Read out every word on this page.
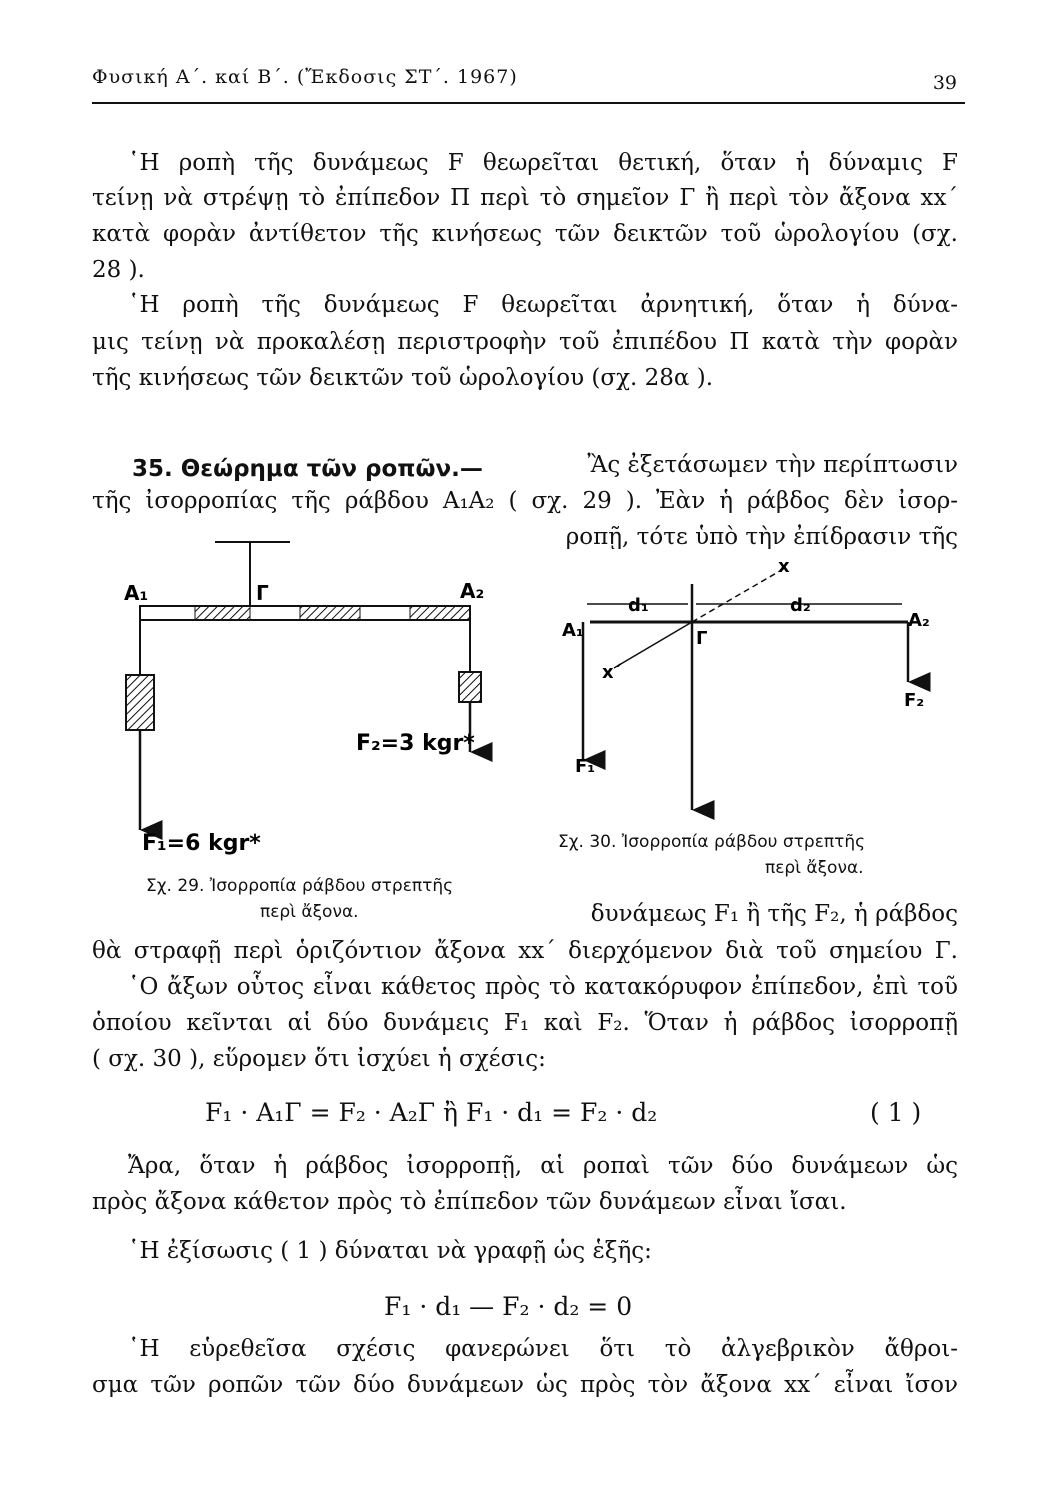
Φυσική Α΄. καί Β΄. (Ἔκδοσις ΣΤ΄. 1967)	39
῾Η ροπὴ τῆς δυνάμεως F θεωρεῖται θετική, ὅταν ἡ δύναμις F
τείνῃ νὰ στρέψῃ τὸ ἐπίπεδον Π περὶ τὸ σημεῖον Γ ἢ περὶ τὸν ἄξονα xx΄
κατὰ φορὰν ἀντίθετον τῆς κινήσεως τῶν δεικτῶν τοῦ ὡρολογίου (σχ.
28 ).
῾Η ροπὴ τῆς δυνάμεως F θεωρεῖται ἀρνητική, ὅταν ἡ δύνα-
μις τείνῃ νὰ προκαλέσῃ περιστροφὴν τοῦ ἐπιπέδου Π κατὰ τὴν φορὰν
τῆς κινήσεως τῶν δεικτῶν τοῦ ὡρολογίου (σχ. 28α ).
35. Θεώρημα τῶν ροπῶν.—	Ἂς ἐξετάσωμεν τὴν περίπτωσιν
τῆς ἰσορροπίας τῆς ράβδου A₁A₂ ( σχ. 29 ). Ἐὰν ἡ ράβδος δὲν ἰσορ-
ροπῇ, τότε ὑπὸ τὴν ἐπίδρασιν τῆς
A₁	Γ	A₂
F₂=3 kgr*
F₁=6 kgr*
Σχ. 29. Ἰσορροπία ράβδου στρεπτῆς
περὶ ἄξονα.
x
d₁	d₂
A₁	A₂
Γ
x΄
F₁
F₂
Σχ. 30. Ἰσορροπία ράβδου στρεπτῆς
περὶ ἄξονα.
δυνάμεως F₁ ἢ τῆς F₂, ἡ ράβδος
θὰ στραφῇ περὶ ὁριζόντιον ἄξονα xx΄ διερχόμενον διὰ τοῦ σημείου Γ.
῾Ο ἄξων οὗτος εἶναι κάθετος πρὸς τὸ κατακόρυφον ἐπίπεδον, ἐπὶ τοῦ
ὁποίου κεῖνται αἱ δύο δυνάμεις F₁ καὶ F₂. Ὅταν ἡ ράβδος ἰσορροπῇ
( σχ. 30 ), εὕρομεν ὅτι ἰσχύει ἡ σχέσις:
F₁ · A₁Γ = F₂ · A₂Γ ἢ F₁ · d₁ = F₂ · d₂	( 1 )
Ἄρα, ὅταν ἡ ράβδος ἰσορροπῇ, αἱ ροπαὶ τῶν δύο δυνάμεων ὡς
πρὸς ἄξονα κάθετον πρὸς τὸ ἐπίπεδον τῶν δυνάμεων εἶναι ἴσαι.
῾Η ἐξίσωσις ( 1 ) δύναται νὰ γραφῇ ὡς ἑξῆς:
F₁ · d₁ — F₂ · d₂ = 0
῾Η εὑρεθεῖσα σχέσις φανερώνει ὅτι τὸ ἀλγεβρικὸν ἄθροι-
σμα τῶν ροπῶν τῶν δύο δυνάμεων ὡς πρὸς τὸν ἄξονα xx΄ εἶναι ἴσον
